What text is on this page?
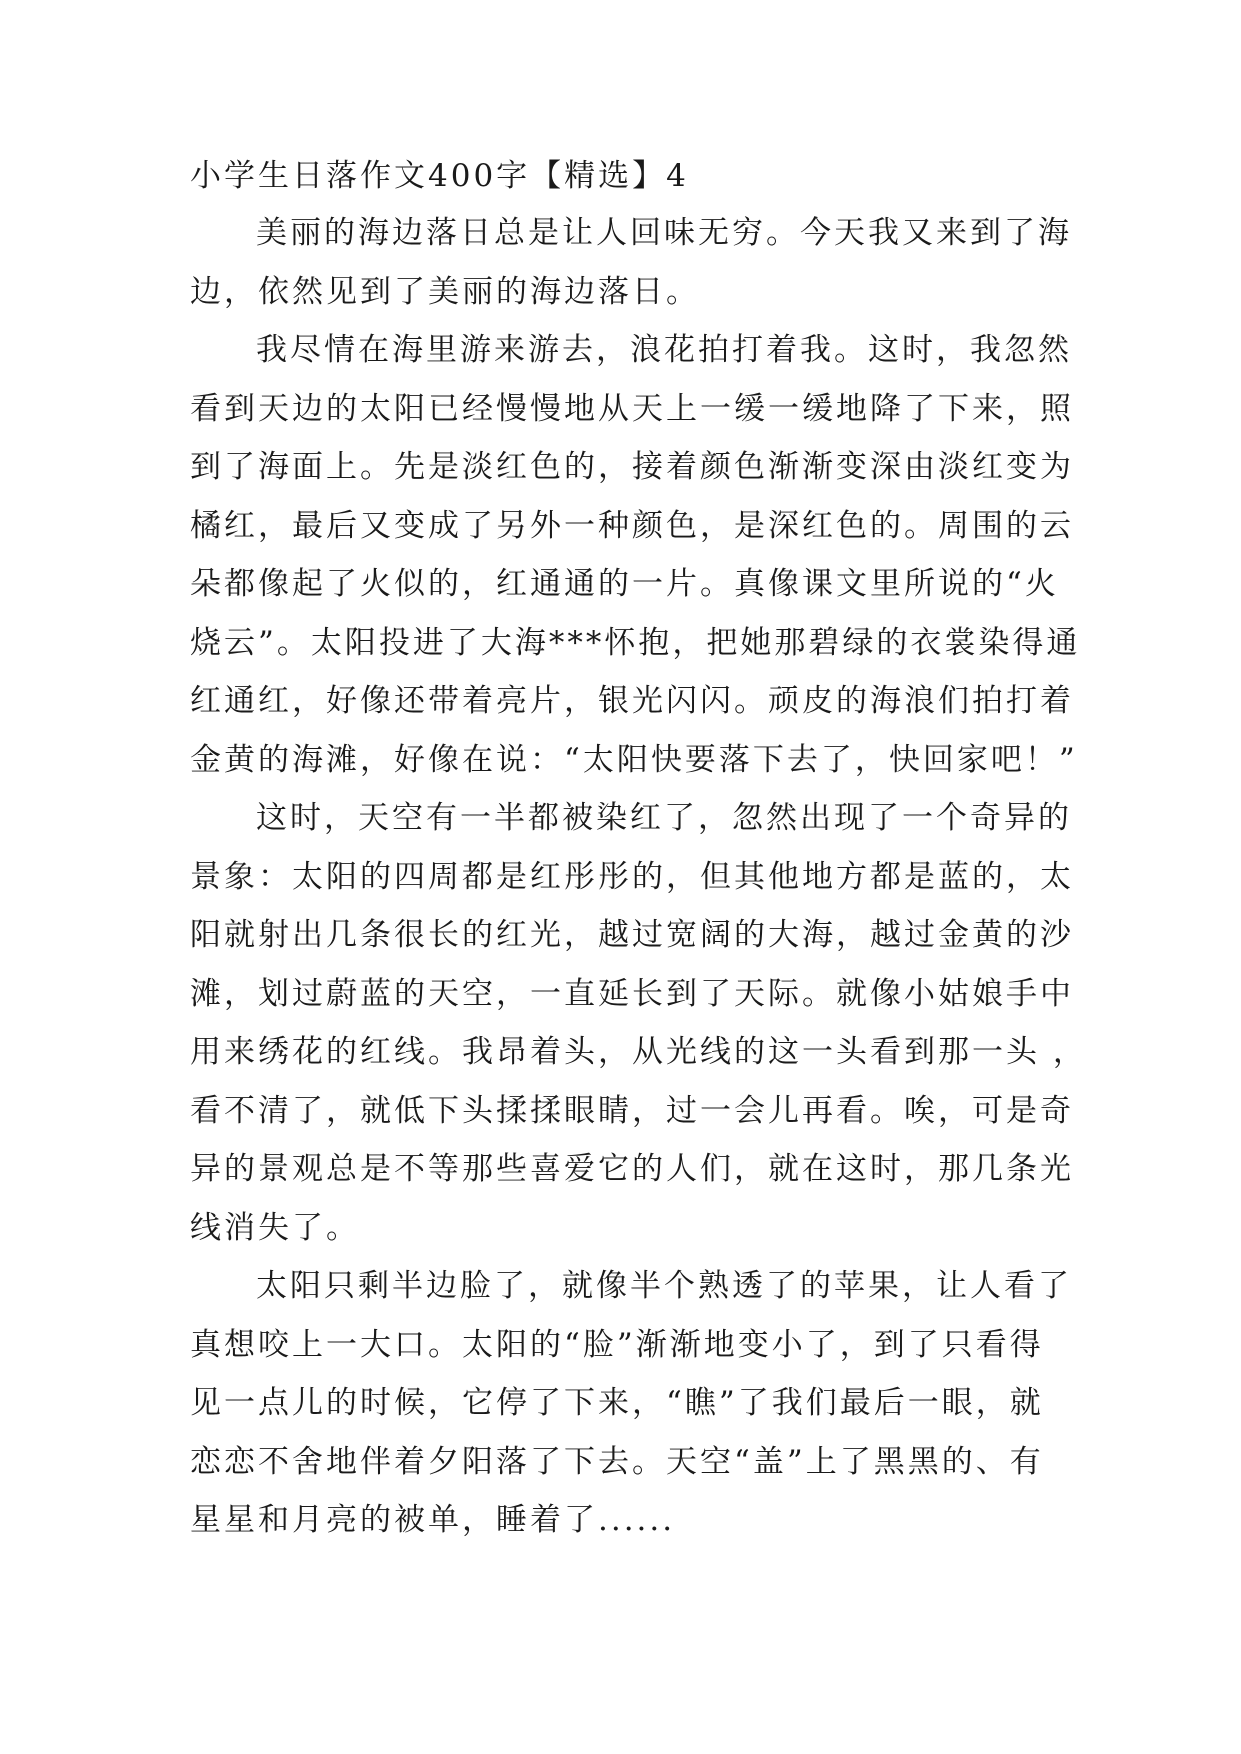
小学生日落作文400字【精选】4
美丽的海边落日总是让人回味无穷。今天我又来到了海
边，依然见到了美丽的海边落日。
我尽情在海里游来游去，浪花拍打着我。这时，我忽然
看到天边的太阳已经慢慢地从天上一缓一缓地降了下来，照
到了海面上。先是淡红色的，接着颜色渐渐变深由淡红变为
橘红，最后又变成了另外一种颜色，是深红色的。周围的云
朵都像起了火似的，红通通的一片。真像课文里所说的“火
烧云”。太阳投进了大海***怀抱，把她那碧绿的衣裳染得通
红通红，好像还带着亮片，银光闪闪。顽皮的海浪们拍打着
金黄的海滩，好像在说：“太阳快要落下去了，快回家吧！”
这时，天空有一半都被染红了，忽然出现了一个奇异的
景象：太阳的四周都是红彤彤的，但其他地方都是蓝的，太
阳就射出几条很长的红光，越过宽阔的大海，越过金黄的沙
滩，划过蔚蓝的天空，一直延长到了天际。就像小姑娘手中
用来绣花的红线。我昂着头，从光线的这一头看到那一头 ，
看不清了，就低下头揉揉眼睛，过一会儿再看。唉，可是奇
异的景观总是不等那些喜爱它的人们，就在这时，那几条光
线消失了。
太阳只剩半边脸了，就像半个熟透了的苹果，让人看了
真想咬上一大口。太阳的“脸”渐渐地变小了，到了只看得
见一点儿的时候，它停了下来，“瞧”了我们最后一眼，就
恋恋不舍地伴着夕阳落了下去。天空“盖”上了黑黑的、有
星星和月亮的被单，睡着了......
